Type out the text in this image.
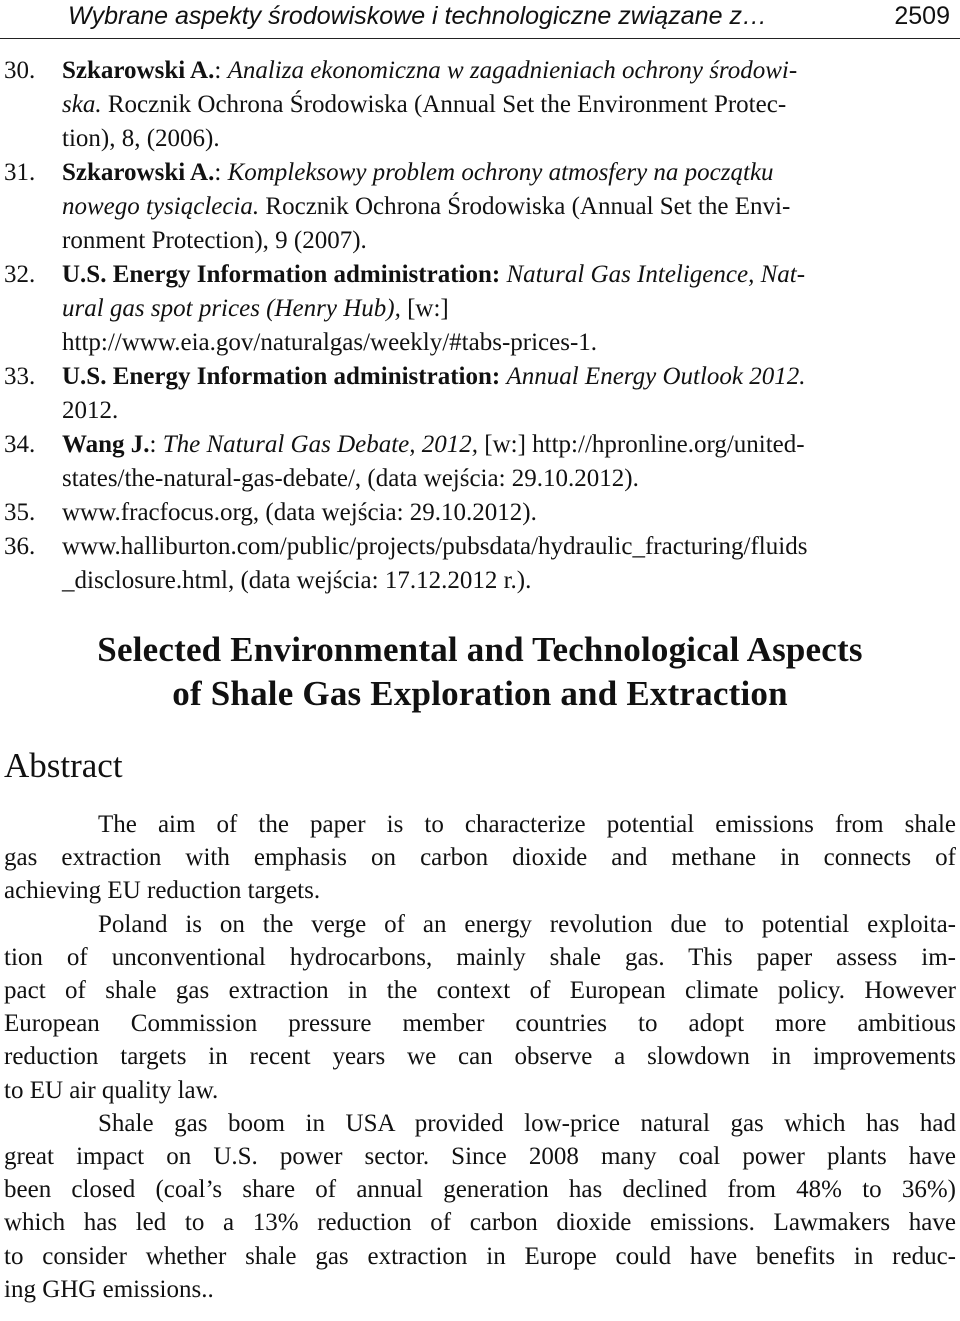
Wybrane aspekty środowiskowe i technologiczne związane z…	2509
30.	Szkarowski A.: Analiza ekonomiczna w zagadnieniach ochrony środowi-
ska. Rocznik Ochrona Środowiska (Annual Set the Environment Protec-
tion), 8, (2006).
31.	Szkarowski A.: Kompleksowy problem ochrony atmosfery na początku
nowego tysiąclecia. Rocznik Ochrona Środowiska (Annual Set the Envi-
ronment Protection), 9 (2007).
32.	U.S. Energy Information administration: Natural Gas Inteligence, Nat-
ural gas spot prices (Henry Hub), [w:]
http://www.eia.gov/naturalgas/weekly/#tabs-prices-1.
33.	U.S. Energy Information administration: Annual Energy Outlook 2012.
2012.
34.	Wang J.: The Natural Gas Debate, 2012, [w:] http://hpronline.org/united-
states/the-natural-gas-debate/, (data wejścia: 29.10.2012).
35.	www.fracfocus.org, (data wejścia: 29.10.2012).
36.	www.halliburton.com/public/projects/pubsdata/hydraulic_fracturing/fluids
_disclosure.html, (data wejścia: 17.12.2012 r.).
Selected Environmental and Technological Aspects
of Shale Gas Exploration and Extraction
Abstract
The aim of the paper is to characterize potential emissions from shale
gas extraction with emphasis on carbon dioxide and methane in connects of
achieving EU reduction targets.
Poland is on the verge of an energy revolution due to potential exploita-
tion of unconventional hydrocarbons, mainly shale gas. This paper assess im-
pact of shale gas extraction in the context of European climate policy. However
European Commission pressure member countries to adopt more ambitious
reduction targets in recent years we can observe a slowdown in improvements
to EU air quality law.
Shale gas boom in USA provided low-price natural gas which has had
great impact on U.S. power sector. Since 2008 many coal power plants have
been closed (coal’s share of annual generation has declined from 48% to 36%)
which has led to a 13% reduction of carbon dioxide emissions. Lawmakers have
to consider whether shale gas extraction in Europe could have benefits in reduc-
ing GHG emissions..
